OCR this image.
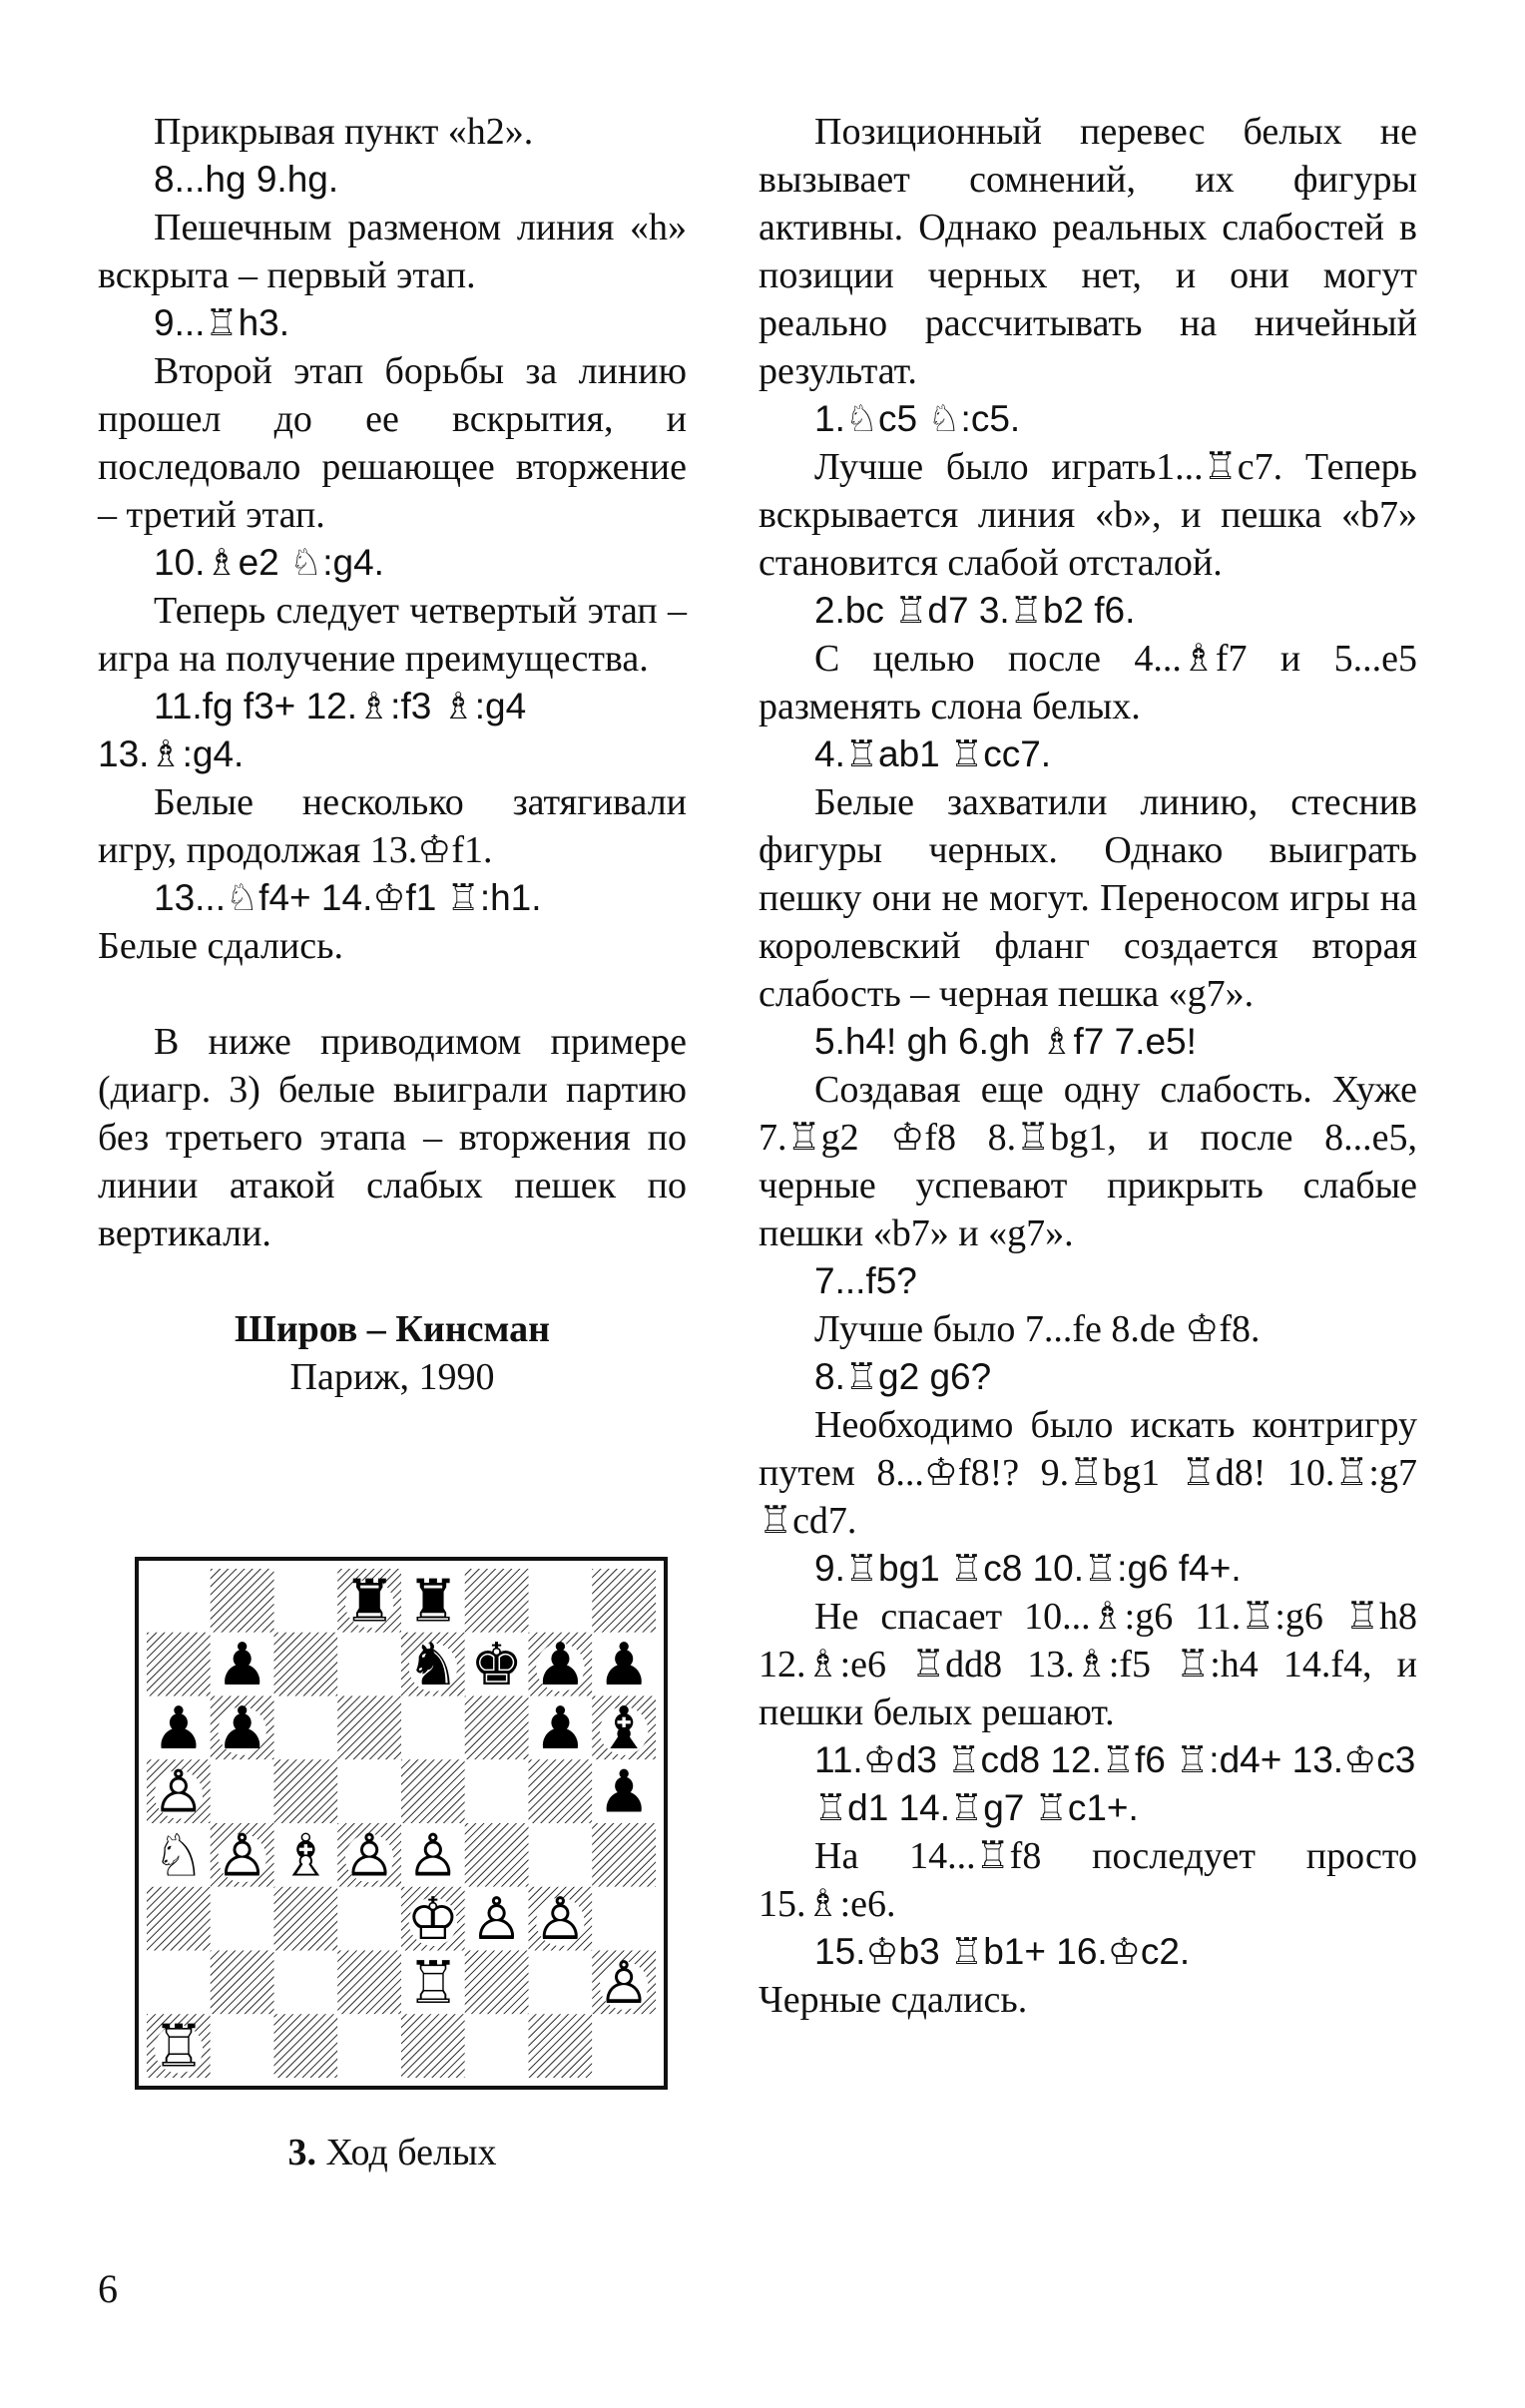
Прикрывая пункт «h2».

8...hg 9.hg.

Пешечным разменом линия «h» вскрыта – первый этап.

9...♖h3.

Второй этап борьбы за линию прошел до ее вскрытия, и последовало решающее вторжение – третий этап.

10.♗e2 ♘:g4.

Теперь следует четвертый этап – игра на получение преимущества.

11.fg f3+ 12.♗:f3 ♗:g4

13.♗:g4.

Белые несколько затягивали игру, продолжая 13.♔f1.

13...♘f4+ 14.♔f1 ♖:h1.

Белые сдались.

В ниже приводимом примере (диагр. 3) белые выиграли партию без третьего этапа – вторжения по линии атакой слабых пешек по вертикали.

Широв – Кинсман

Париж, 1990

3. Ход белых

Позиционный перевес белых не вызывает сомнений, их фигуры активны. Однако реальных слабостей в позиции черных нет, и они могут реально рассчитывать на ничейный результат.

1.♘c5 ♘:c5.

Лучше было играть1...♖c7. Теперь вскрывается линия «b», и пешка «b7» становится слабой отсталой.

2.bc ♖d7 3.♖b2 f6.

С целью после 4...♗f7 и 5...e5 разменять слона белых.

4.♖ab1 ♖cc7.

Белые захватили линию, стеснив фигуры черных. Однако выиграть пешку они не могут. Переносом игры на королевский фланг создается вторая слабость – черная пешка «g7».

5.h4! gh 6.gh ♗f7 7.e5!

Создавая еще одну слабость. Хуже 7.♖g2 ♔f8 8.♖bg1, и после 8...e5, черные успевают прикрыть слабые пешки «b7» и «g7».

7...f5?

Лучше было 7...fe 8.de ♔f8.

8.♖g2 g6?

Необходимо было искать контригру путем 8...♔f8!? 9.♖bg1 ♖d8! 10.♖:g7 ♖cd7.

9.♖bg1 ♖c8 10.♖:g6 f4+.

Не спасает 10...♗:g6 11.♖:g6 ♖h8 12.♗:e6 ♖dd8 13.♗:f5 ♖:h4 14.f4, и пешки белых решают.

11.♔d3 ♖cd8 12.♖f6 ♖:d4+ 13.♔c3 ♖d1 14.♖g7 ♖c1+.

На 14...♖f8 последует просто 15.♗:e6.

15.♔b3 ♖b1+ 16.♔c2.

Черные сдались.

6
